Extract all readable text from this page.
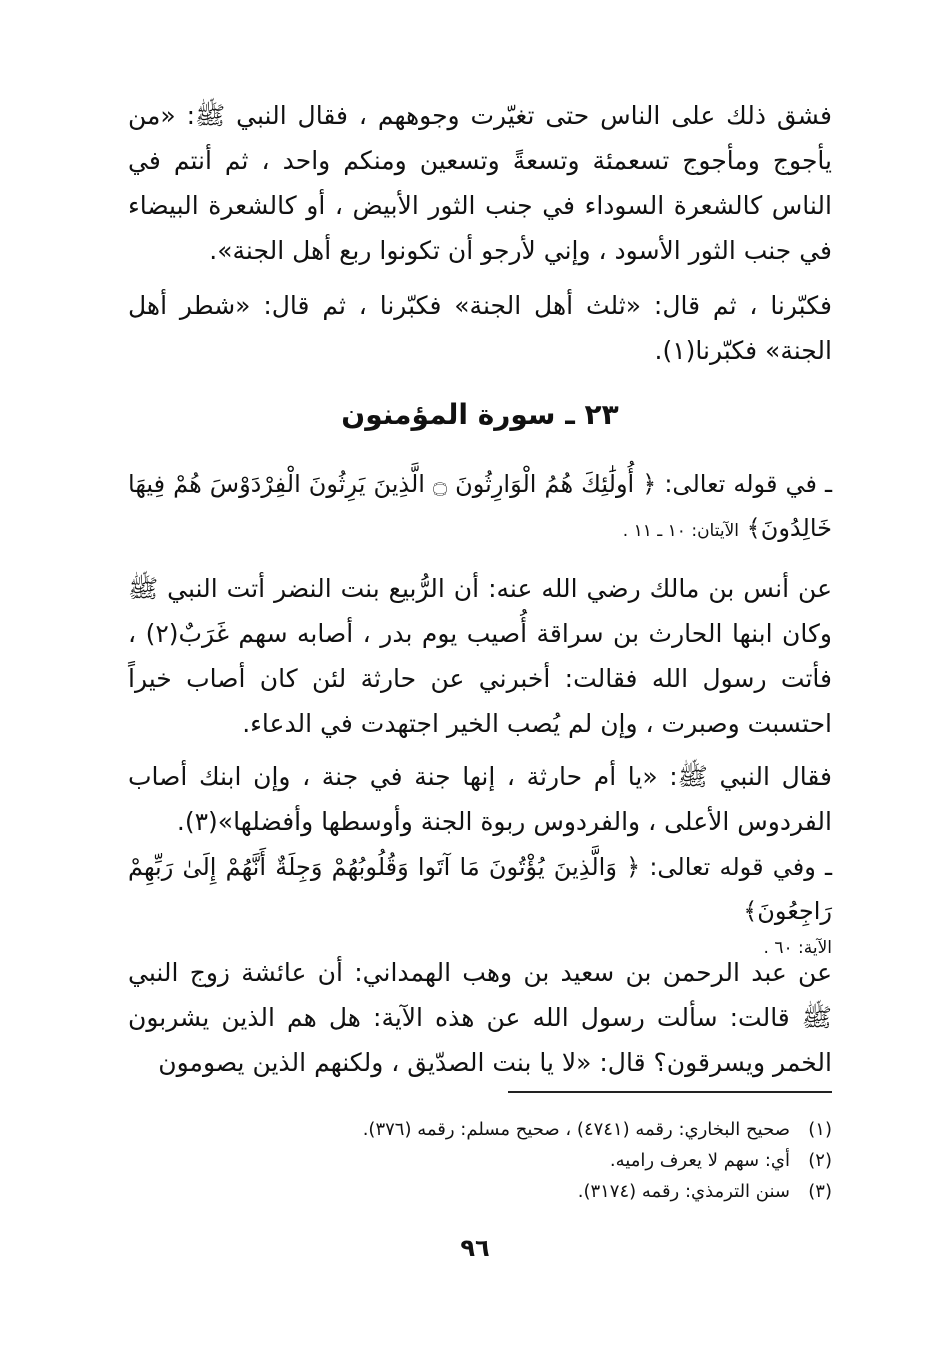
فشق ذلك على الناس حتى تغيّرت وجوههم ، فقال النبي ﷺ: «من يأجوج ومأجوج تسعمئة وتسعةً وتسعين ومنكم واحد ، ثم أنتم في الناس كالشعرة السوداء في جنب الثور الأبيض ، أو كالشعرة البيضاء في جنب الثور الأسود ، وإني لأرجو أن تكونوا ربع أهل الجنة».

فكبّرنا ، ثم قال: «ثلث أهل الجنة» فكبّرنا ، ثم قال: «شطر أهل الجنة» فكبّرنا(١).

٢٣ ـ سورة المؤمنون

ـ في قوله تعالى: ﴿ أُولَٰئِكَ هُمُ الْوَارِثُونَ ۝ الَّذِينَ يَرِثُونَ الْفِرْدَوْسَ هُمْ فِيهَا خَالِدُونَ﴾ الآيتان: ١٠ ـ ١١ .

عن أنس بن مالك رضي الله عنه: أن الرُّبيع بنت النضر أتت النبي ﷺ وكان ابنها الحارث بن سراقة أُصيب يوم بدر ، أصابه سهم غَرَبٌ(٢) ، فأتت رسول الله فقالت: أخبرني عن حارثة لئن كان أصاب خيراً احتسبت وصبرت ، وإن لم يُصب الخير اجتهدت في الدعاء.

فقال النبي ﷺ: «يا أم حارثة ، إنها جنة في جنة ، وإن ابنك أصاب الفردوس الأعلى ، والفردوس ربوة الجنة وأوسطها وأفضلها»(٣).

ـ وفي قوله تعالى: ﴿ وَالَّذِينَ يُؤْتُونَ مَا آتَوا وَقُلُوبُهُمْ وَجِلَةٌ أَنَّهُمْ إِلَىٰ رَبِّهِمْ رَاجِعُونَ﴾

الآية: ٦٠ .

عن عبد الرحمن بن سعيد بن وهب الهمداني: أن عائشة زوج النبي ﷺ قالت: سألت رسول الله عن هذه الآية: هل هم الذين يشربون الخمر ويسرقون؟ قال: «لا يا بنت الصدّيق ، ولكنهم الذين يصومون

(١)
صحيح البخاري: رقمه (٤٧٤١) ، صحيح مسلم: رقمه (٣٧٦).
(٢)
أي: سهم لا يعرف راميه.
(٣)
سنن الترمذي: رقمه (٣١٧٤).
٩٦
